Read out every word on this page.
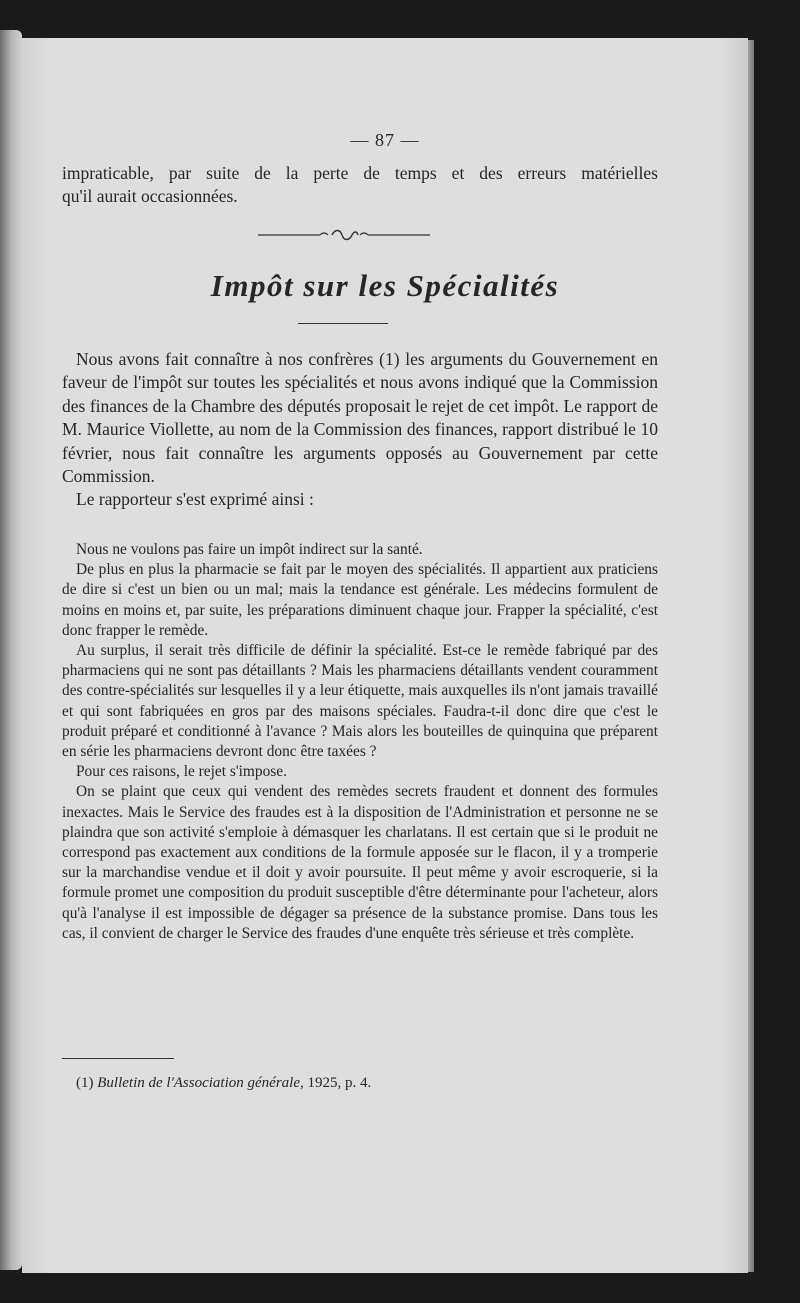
— 87 —

impraticable, par suite de la perte de temps et des erreurs matérielles

qu'il aurait occasionnées.

Impôt sur les Spécialités

Nous avons fait connaître à nos confrères (1) les arguments du Gouvernement en faveur de l'impôt sur toutes les spécialités et nous avons indiqué que la Commission des finances de la Chambre des députés proposait le rejet de cet impôt. Le rapport de M. Maurice Viollette, au nom de la Commission des finances, rapport distribué le 10 février, nous fait connaître les arguments opposés au Gouvernement par cette Commission.

Le rapporteur s'est exprimé ainsi :

Nous ne voulons pas faire un impôt indirect sur la santé.

De plus en plus la pharmacie se fait par le moyen des spécialités. Il appartient aux praticiens de dire si c'est un bien ou un mal; mais la tendance est générale. Les médecins formulent de moins en moins et, par suite, les préparations diminuent chaque jour. Frapper la spécialité, c'est donc frapper le remède.

Au surplus, il serait très difficile de définir la spécialité. Est-ce le remède fabriqué par des pharmaciens qui ne sont pas détaillants ? Mais les pharmaciens détaillants vendent couramment des contre-spécialités sur lesquelles il y a leur étiquette, mais auxquelles ils n'ont jamais travaillé et qui sont fabriquées en gros par des maisons spéciales. Faudra-t-il donc dire que c'est le produit préparé et conditionné à l'avance ? Mais alors les bouteilles de quinquina que préparent en série les pharmaciens devront donc être taxées ?

Pour ces raisons, le rejet s'impose.

On se plaint que ceux qui vendent des remèdes secrets fraudent et donnent des formules inexactes. Mais le Service des fraudes est à la disposition de l'Administration et personne ne se plaindra que son activité s'emploie à démasquer les charlatans. Il est certain que si le produit ne correspond pas exactement aux conditions de la formule apposée sur le flacon, il y a tromperie sur la marchandise vendue et il doit y avoir poursuite. Il peut même y avoir escroquerie, si la formule promet une composition du produit susceptible d'être déterminante pour l'acheteur, alors qu'à l'analyse il est impossible de dégager sa présence de la substance promise. Dans tous les cas, il convient de charger le Service des fraudes d'une enquête très sérieuse et très complète.

(1) Bulletin de l'Association générale, 1925, p. 4.
